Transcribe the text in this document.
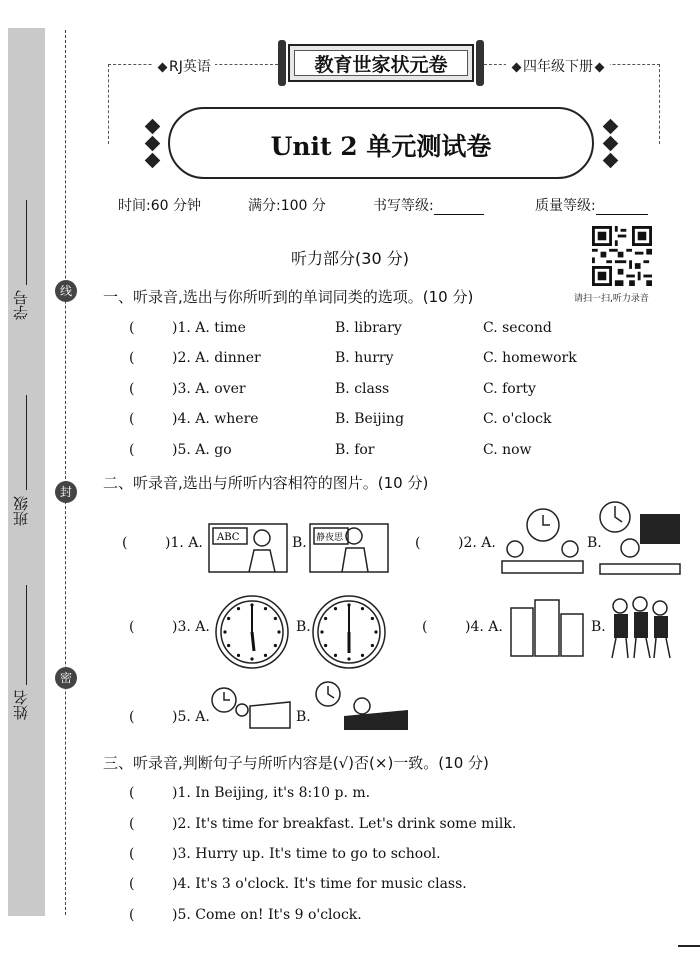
学号
班级
姓名
线
封
密
RJ英语	四年级下册
教育世家状元卷
Unit 2 单元测试卷
时间:60 分钟	满分:100 分	书写等级:	质量等级:
听力部分(30 分)
请扫一扫,听力录音
一、听录音,选出与你所听到的单词同类的选项。(10 分)
(	)1. A. time	B. library	C. second
(	)2. A. dinner	B. hurry	C. homework
(	)3. A. over	B. class	C. forty
(	)4. A. where	B. Beijing	C. o'clock
(	)5. A. go	B. for	C. now
二、听录音,选出与所听内容相符的图片。(10 分)
(	)1. A.	B.	(	)2. A.	B.
ABC	静夜思
(	)3. A.	B.	(	)4. A.	B.
(	)5. A.	B.
三、听录音,判断句子与所听内容是(√)否(×)一致。(10 分)
(	)1. In Beijing, it's 8:10 p. m.
(	)2. It's time for breakfast. Let's drink some milk.
(	)3. Hurry up. It's time to go to school.
(	)4. It's 3 o'clock. It's time for music class.
(	)5. Come on! It's 9 o'clock.
